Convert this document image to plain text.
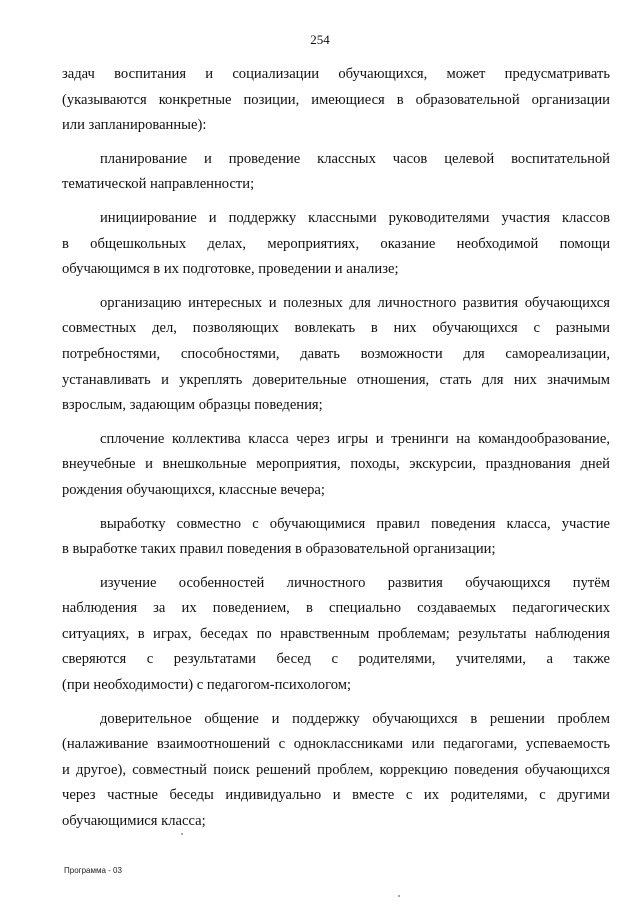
254
задач воспитания и социализации обучающихся, может предусматривать
(указываются конкретные позиции, имеющиеся в образовательной организации
или запланированные):
планирование и проведение классных часов целевой воспитательной
тематической направленности;
инициирование и поддержку классными руководителями участия классов
в общешкольных делах, мероприятиях, оказание необходимой помощи
обучающимся в их подготовке, проведении и анализе;
организацию интересных и полезных для личностного развития обучающихся
совместных дел, позволяющих вовлекать в них обучающихся с разными
потребностями, способностями, давать возможности для самореализации,
устанавливать и укреплять доверительные отношения, стать для них значимым
взрослым, задающим образцы поведения;
сплочение коллектива класса через игры и тренинги на командообразование,
внеучебные и внешкольные мероприятия, походы, экскурсии, празднования дней
рождения обучающихся, классные вечера;
выработку совместно с обучающимися правил поведения класса, участие
в выработке таких правил поведения в образовательной организации;
изучение особенностей личностного развития обучающихся путём
наблюдения за их поведением, в специально создаваемых педагогических
ситуациях, в играх, беседах по нравственным проблемам; результаты наблюдения
сверяются с результатами бесед с родителями, учителями, а также
(при необходимости) с педагогом-психологом;
доверительное общение и поддержку обучающихся в решении проблем
(налаживание взаимоотношений с одноклассниками или педагогами, успеваемость
и другое), совместный поиск решений проблем, коррекцию поведения обучающихся
через частные беседы индивидуально и вместе с их родителями, с другими
обучающимися класса;
Программа - 03
